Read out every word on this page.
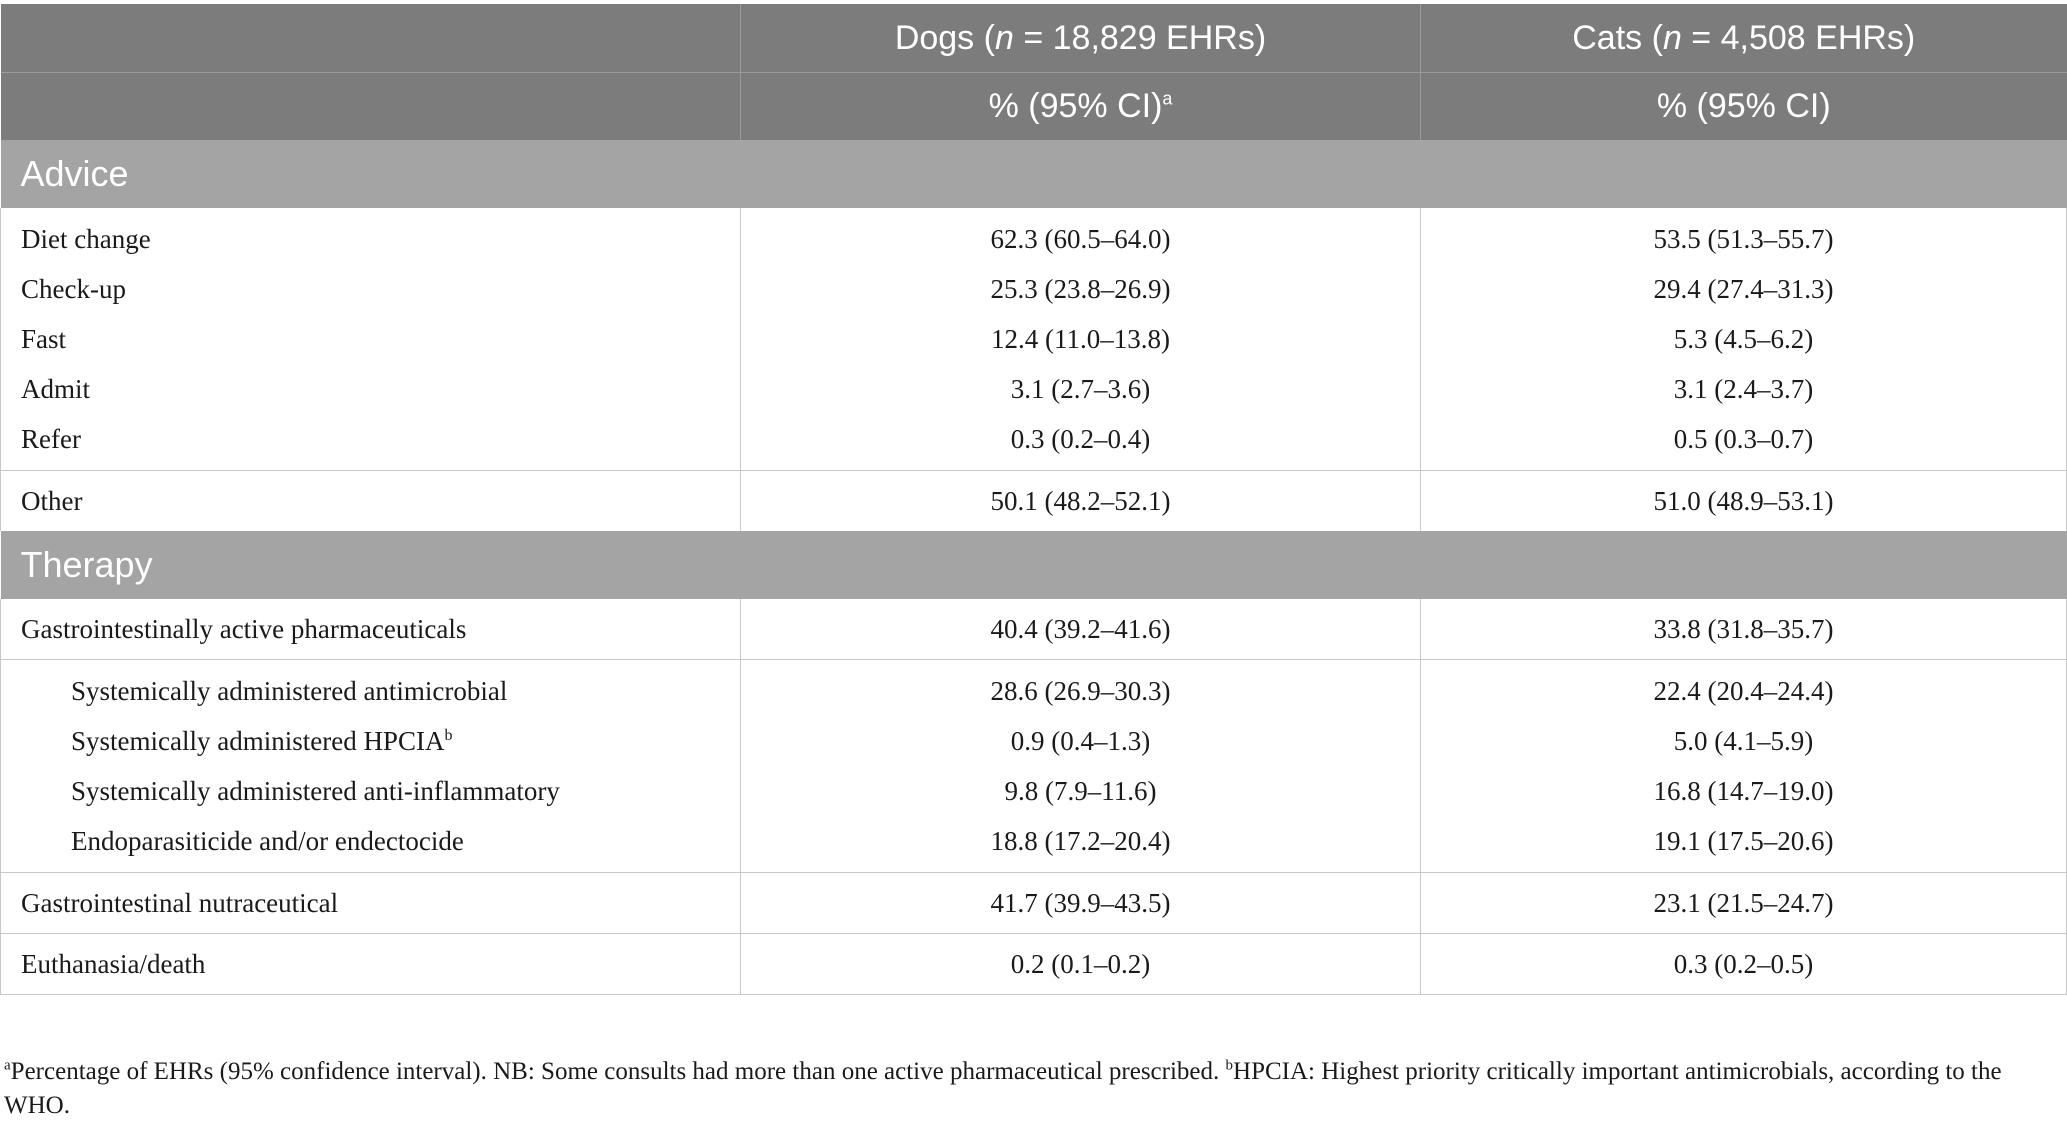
	Dogs (n = 18,829 EHRs)	Cats (n = 4,508 EHRs)
	% (95% CI)$^a$	% (95% CI)
Advice		
Diet change	62.3 (60.5–64.0)	53.5 (51.3–55.7)
Check-up	25.3 (23.8–26.9)	29.4 (27.4–31.3)
Fast	12.4 (11.0–13.8)	5.3 (4.5–6.2)
Admit	3.1 (2.7–3.6)	3.1 (2.4–3.7)
Refer	0.3 (0.2–0.4)	0.5 (0.3–0.7)
Other	50.1 (48.2–52.1)	51.0 (48.9–53.1)
Therapy		
Gastrointestinally active pharmaceuticals	40.4 (39.2–41.6)	33.8 (31.8–35.7)
Systemically administered antimicrobial	28.6 (26.9–30.3)	22.4 (20.4–24.4)
Systemically administered HPCIA$^b$	0.9 (0.4–1.3)	5.0 (4.1–5.9)
Systemically administered anti-inflammatory	9.8 (7.9–11.6)	16.8 (14.7–19.0)
Endoparasiticide and/or endectocide	18.8 (17.2–20.4)	19.1 (17.5–20.6)
Gastrointestinal nutraceutical	41.7 (39.9–43.5)	23.1 (21.5–24.7)
Euthanasia/death	0.2 (0.1–0.2)	0.3 (0.2–0.5)
$^a$Percentage of EHRs (95% confidence interval). NB: Some consults had more than one active pharmaceutical prescribed. $^b$HPCIA: Highest priority critically important antimicrobials, according to the WHO.
